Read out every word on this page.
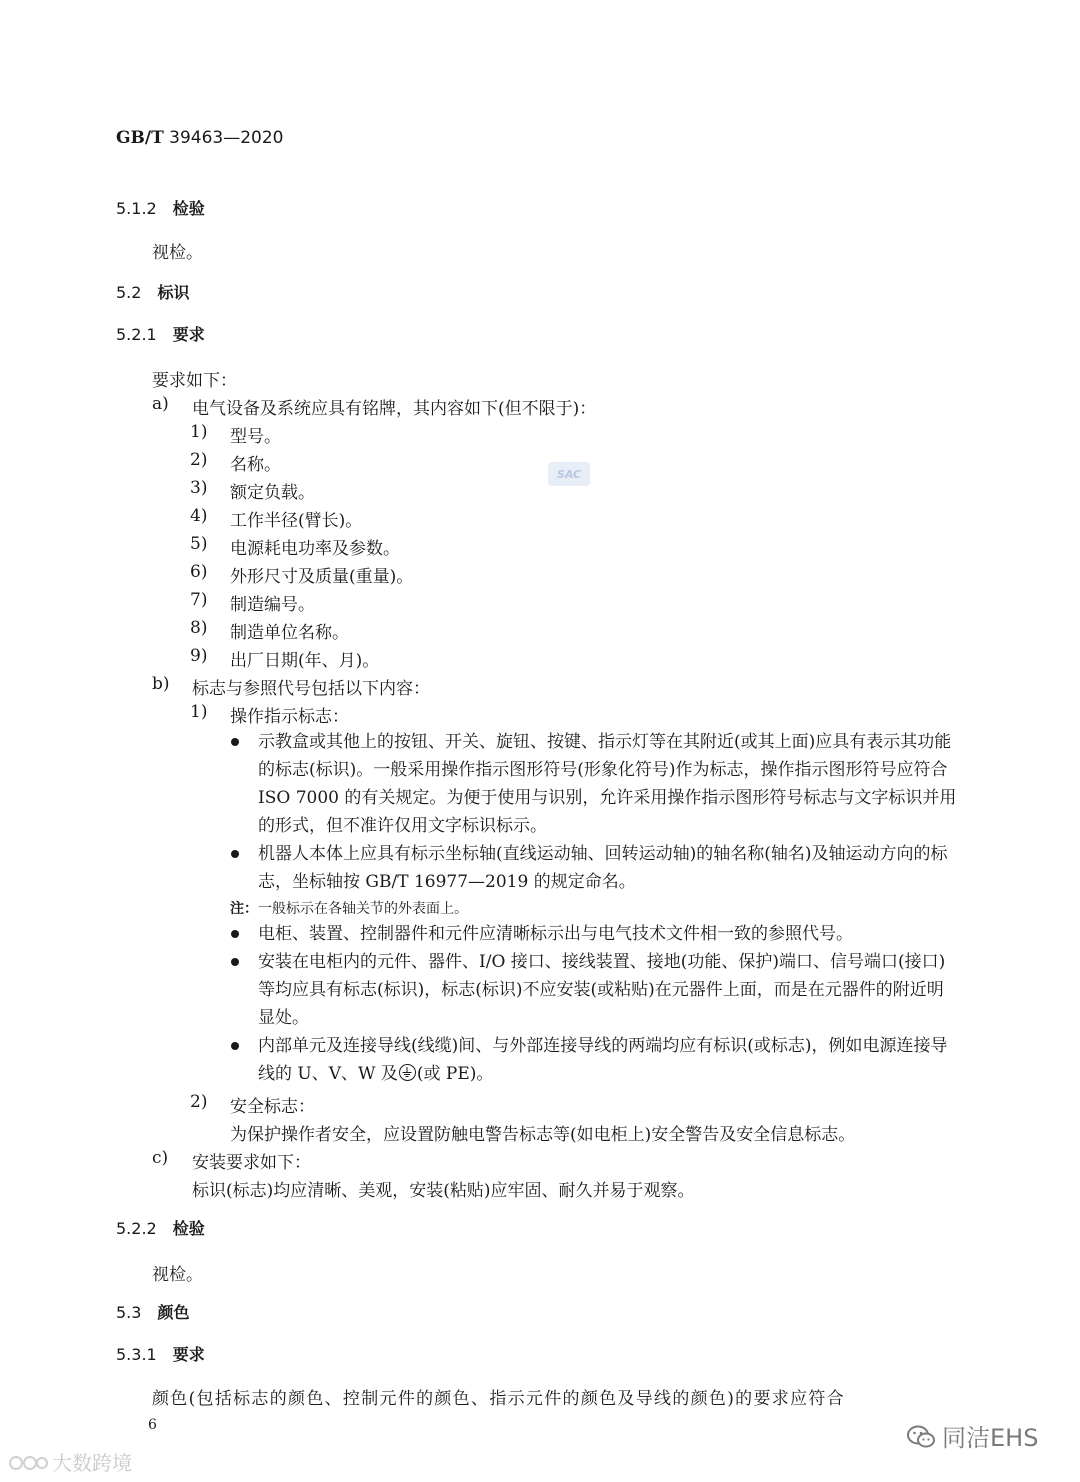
GB/T 39463—2020
5.1.2 检验
视检。
5.2 标识
5.2.1 要求
要求如下：
a) 电气设备及系统应具有铭牌，其内容如下(但不限于)：
1) 型号。
2) 名称。
3) 额定负载。
4) 工作半径(臂长)。
5) 电源耗电功率及参数。
6) 外形尺寸及质量(重量)。
7) 制造编号。
8) 制造单位名称。
9) 出厂日期(年、月)。
SAC
b) 标志与参照代号包括以下内容：
1) 操作指示标志：
示教盒或其他上的按钮、开关、旋钮、按键、指示灯等在其附近(或其上面)应具有表示其功能的标志(标识)。一般采用操作指示图形符号(形象化符号)作为标志，操作指示图形符号应符合 ISO 7000 的有关规定。为便于使用与识别，允许采用操作指示图形符号标志与文字标识并用的形式，但不准许仅用文字标识标示。
机器人本体上应具有标示坐标轴(直线运动轴、回转运动轴)的轴名称(轴名)及轴运动方向的标志，坐标轴按 GB/T 16977—2019 的规定命名。
注：一般标示在各轴关节的外表面上。
电柜、装置、控制器件和元件应清晰标示出与电气技术文件相一致的参照代号。
安装在电柜内的元件、器件、I/O 接口、接线装置、接地(功能、保护)端口、信号端口(接口)等均应具有标志(标识)，标志(标识)不应安装(或粘贴)在元器件上面，而是在元器件的附近明显处。
内部单元及连接导线(线缆)间、与外部连接导线的两端均应有标识(或标志)，例如电源连接导线的 U、V、W 及 (或 PE)。
2) 安全标志：
为保护操作者安全，应设置防触电警告标志等(如电柜上)安全警告及安全信息标志。
c) 安装要求如下：
标识(标志)均应清晰、美观，安装(粘贴)应牢固、耐久并易于观察。
5.2.2 检验
视检。
5.3 颜色
5.3.1 要求
颜色(包括标志的颜色、控制元件的颜色、指示元件的颜色及导线的颜色)的要求应符合
6
大数跨境
同洁EHS
